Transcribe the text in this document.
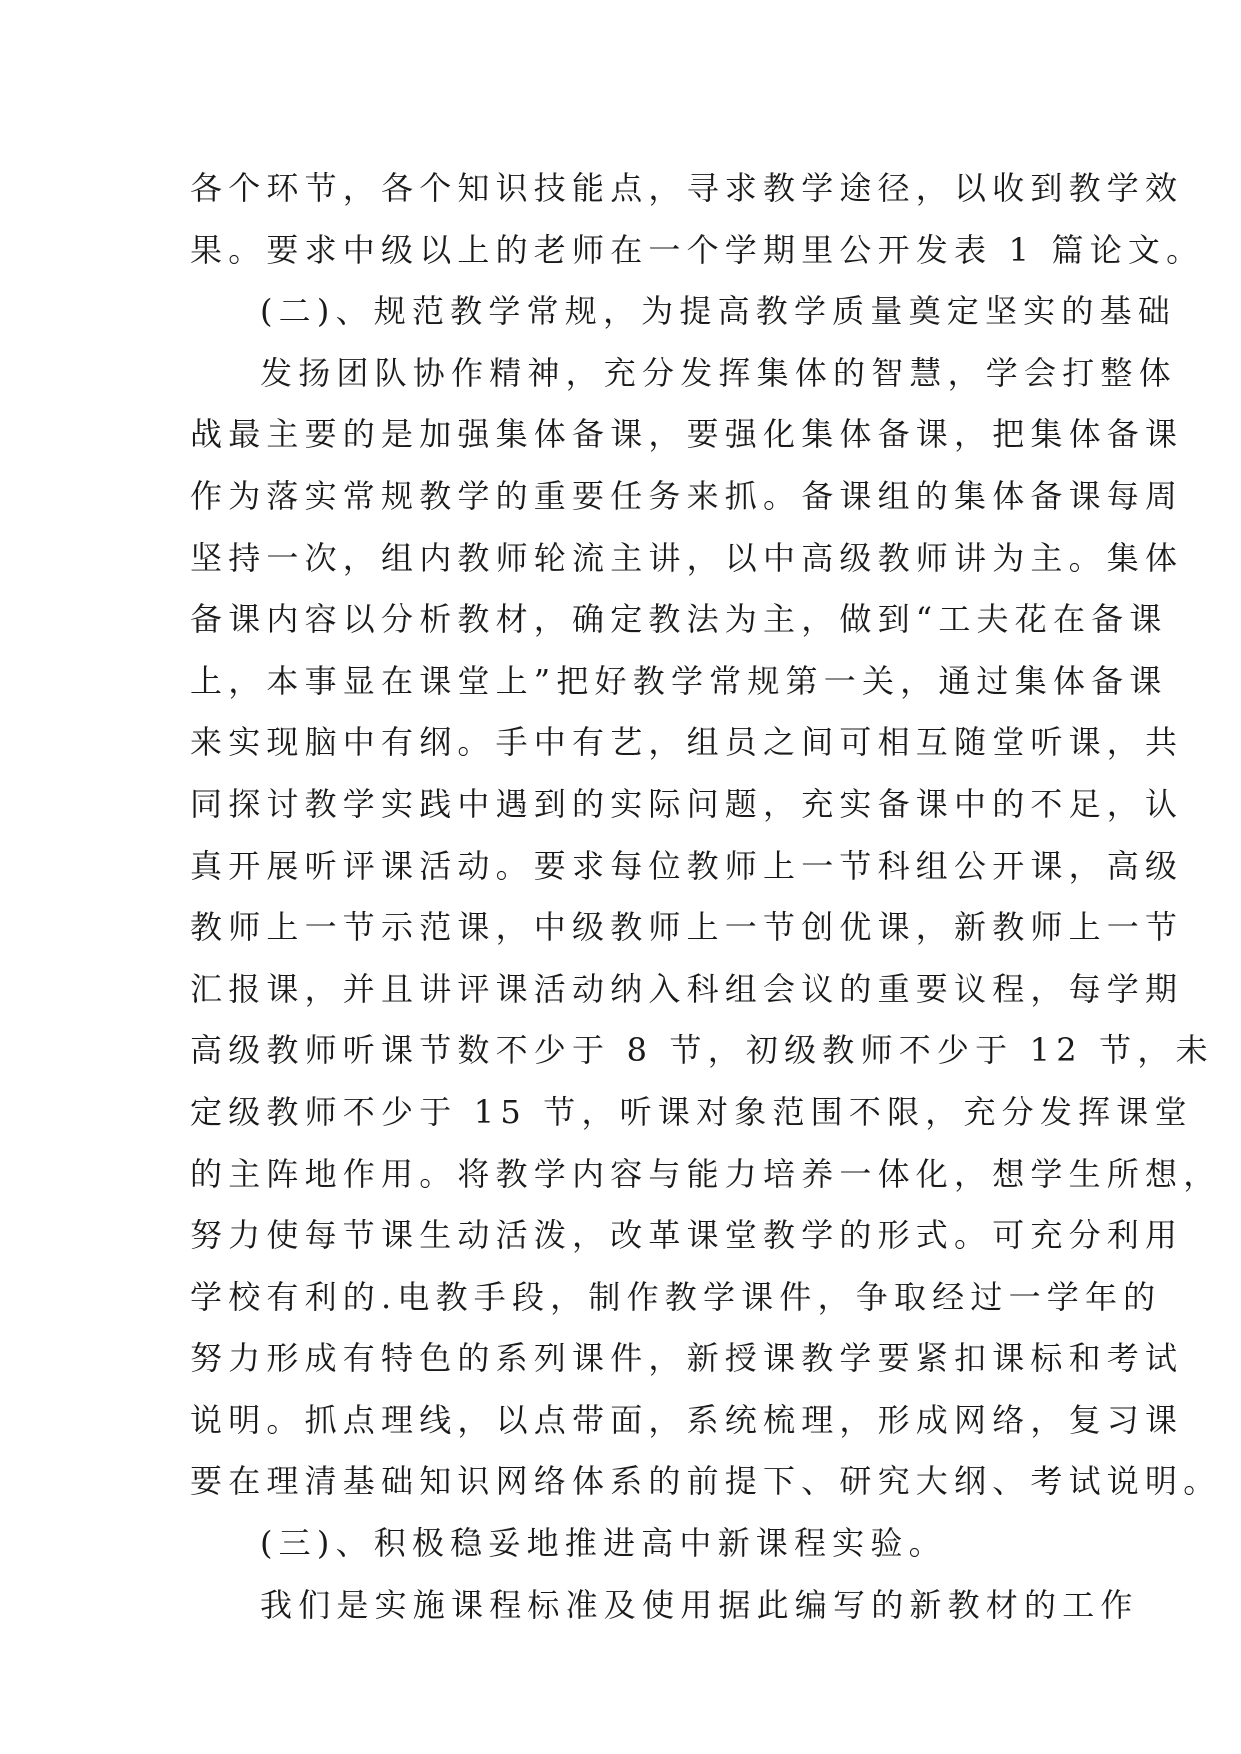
各个环节，各个知识技能点，寻求教学途径，以收到教学效
果。要求中级以上的老师在一个学期里公开发表 1 篇论文。
(二)、规范教学常规，为提高教学质量奠定坚实的基础
发扬团队协作精神，充分发挥集体的智慧，学会打整体
战最主要的是加强集体备课，要强化集体备课，把集体备课
作为落实常规教学的重要任务来抓。备课组的集体备课每周
坚持一次，组内教师轮流主讲，以中高级教师讲为主。集体
备课内容以分析教材，确定教法为主，做到“工夫花在备课
上，本事显在课堂上”把好教学常规第一关，通过集体备课
来实现脑中有纲。手中有艺，组员之间可相互随堂听课，共
同探讨教学实践中遇到的实际问题，充实备课中的不足，认
真开展听评课活动。要求每位教师上一节科组公开课，高级
教师上一节示范课，中级教师上一节创优课，新教师上一节
汇报课，并且讲评课活动纳入科组会议的重要议程，每学期
高级教师听课节数不少于 8 节，初级教师不少于 12 节，未
定级教师不少于 15 节，听课对象范围不限，充分发挥课堂
的主阵地作用。将教学内容与能力培养一体化，想学生所想，
努力使每节课生动活泼，改革课堂教学的形式。可充分利用
学校有利的.电教手段，制作教学课件，争取经过一学年的
努力形成有特色的系列课件，新授课教学要紧扣课标和考试
说明。抓点理线，以点带面，系统梳理，形成网络，复习课
要在理清基础知识网络体系的前提下、研究大纲、考试说明。
(三)、积极稳妥地推进高中新课程实验。
我们是实施课程标准及使用据此编写的新教材的工作
